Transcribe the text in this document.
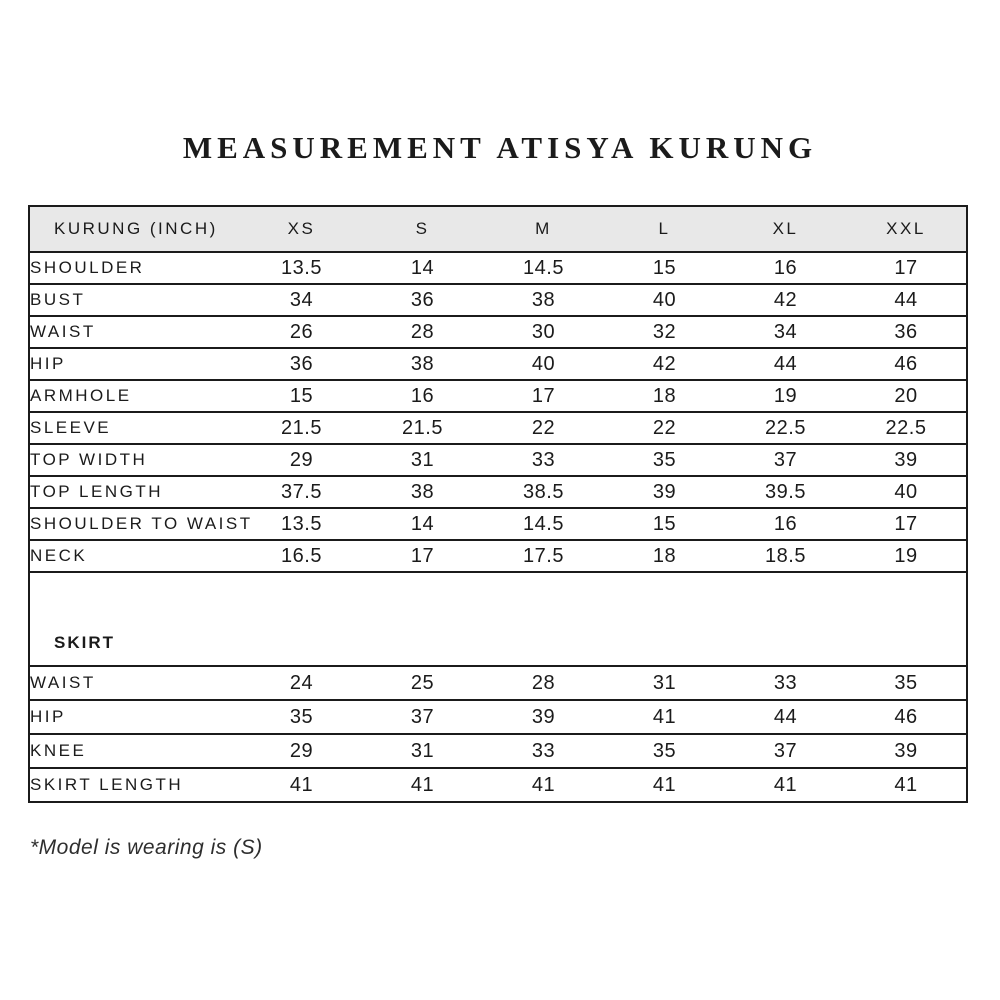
MEASUREMENT ATISYA KURUNG
KURUNG (INCH)	XS	S	M	L	XL	XXL
SHOULDER	13.5	14	14.5	15	16	17
BUST	34	36	38	40	42	44
WAIST	26	28	30	32	34	36
HIP	36	38	40	42	44	46
ARMHOLE	15	16	17	18	19	20
SLEEVE	21.5	21.5	22	22	22.5	22.5
TOP WIDTH	29	31	33	35	37	39
TOP LENGTH	37.5	38	38.5	39	39.5	40
SHOULDER TO WAIST	13.5	14	14.5	15	16	17
NECK	16.5	17	17.5	18	18.5	19
SKIRT						
WAIST	24	25	28	31	33	35
HIP	35	37	39	41	44	46
KNEE	29	31	33	35	37	39
SKIRT LENGTH	41	41	41	41	41	41

*Model is wearing is (S)
